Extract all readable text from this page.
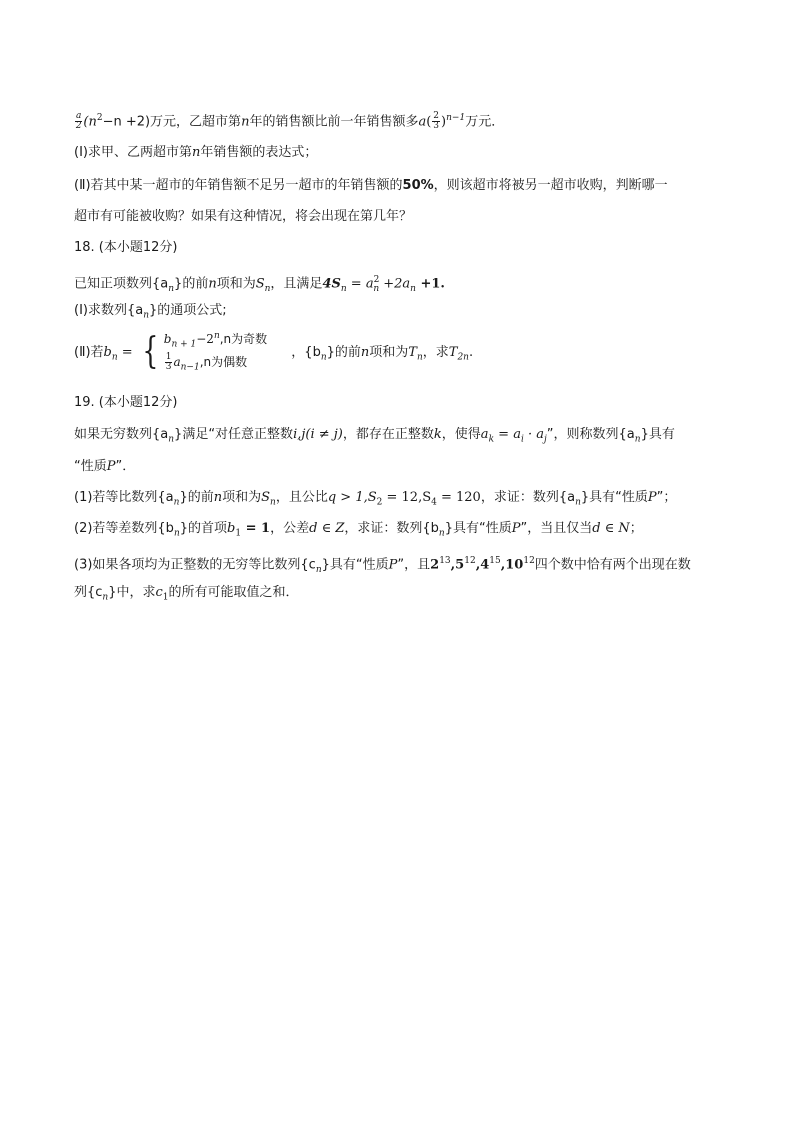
$\frac{a}{2} (n^2-n +2)$万元，乙超市第n年的销售额比前一年销售额多$a( \frac{2}{3} )^{n-1}$万元．
(Ⅰ)求甲、乙两超市第n年销售额的表达式；
(Ⅱ)若其中某一超市的年销售额不足另一超市的年销售额的50%，则该超市将被另一超市收购，判断哪一
超市有可能被收购？如果有这种情况，将会出现在第几年？
18. (本小题12分)
已知正项数列$\{a_n\}$的前n项和为$S_n$，且满足$4S_n = a^2_n +2a_n +1$.
(Ⅰ)求数列$\{a_n\}$的通项公式;
(Ⅱ)若$b_n$ = { $b_{n + 1}-2^n,n$为奇数
$\frac{1}{3} a_{n-1},n$为偶数
，$\{b_n\}$的前n项和为$T_n$，求$T_{2n}$.
19. (本小题12分)
如果无穷数列$\{a_n\}$满足“对任意正整数i,j(i ≠ j)，都存在正整数k，使得$a_k = a_i \cdot a_j$”，则称数列$\{a_n\}$具有
“性质P”．
(1)若等比数列$\{a_n\}$的前n项和为$S_n$，且公比$q > 1,S_2 = 12,S_4 = 120$，求证：数列$\{a_n\}$具有“性质P”；
(2)若等差数列$\{b_n\}$的首项$b_1 = 1$，公差d ∈ Z，求证：数列$\{b_n\}$具有“性质P”，当且仅当d ∈ N；
(3)如果各项均为正整数的无穷等比数列$\{c_n\}$具有“性质P”，且$2^{13},5^{12},4^{15},10^{12}$四个数中恰有两个出现在数
列$\{c_n\}$中，求$c_1$的所有可能取值之和．
